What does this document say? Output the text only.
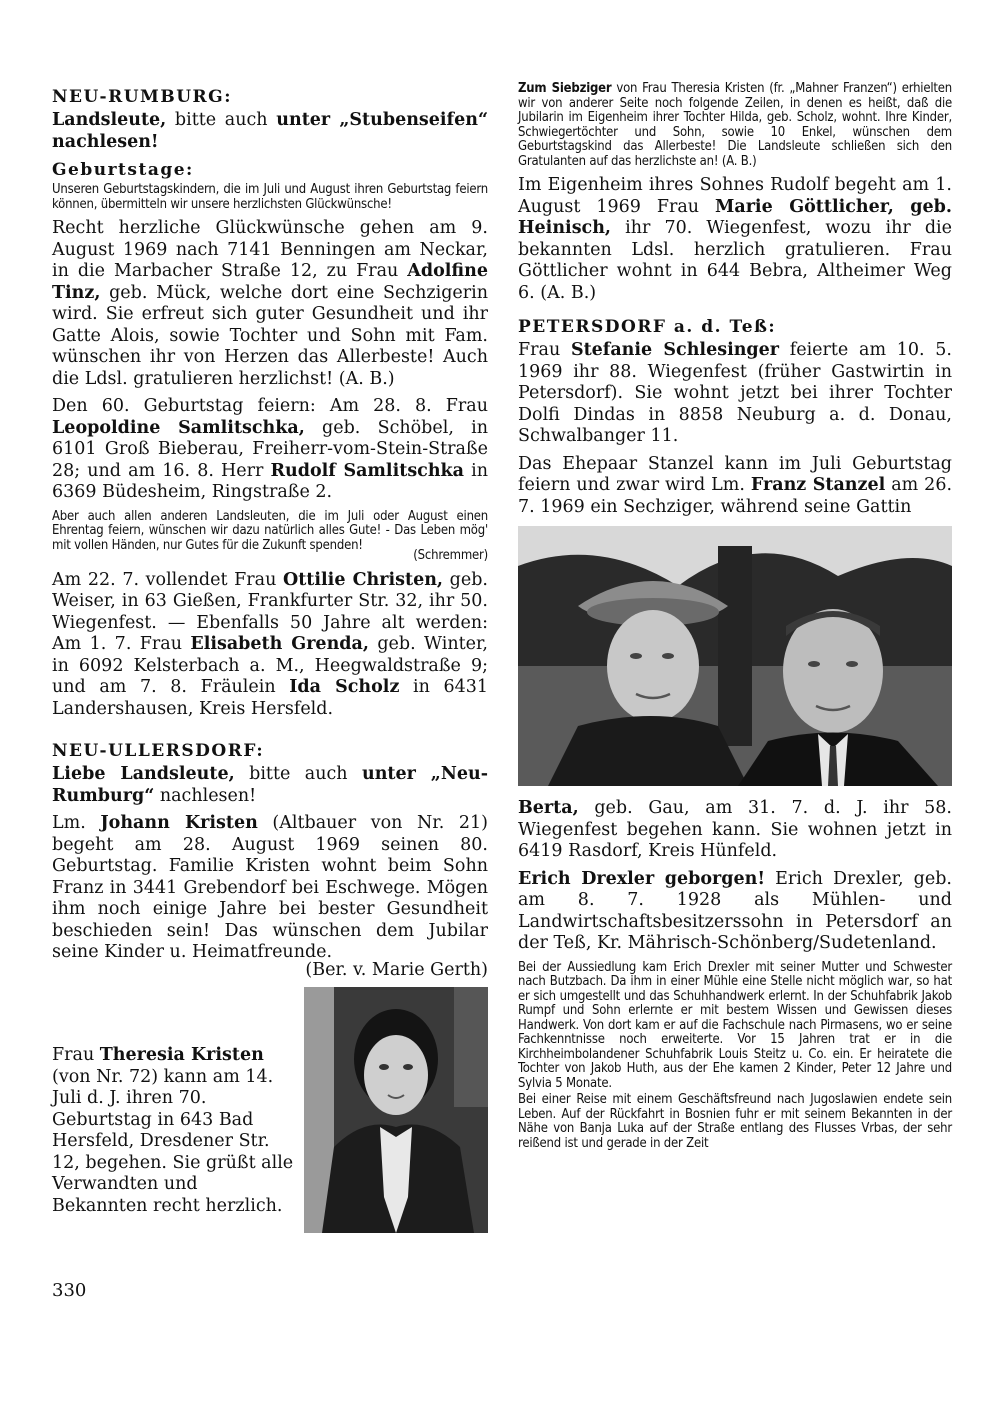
NEU-RUMBURG:

Landsleute, bitte auch unter „Stubenseifen“ nachlesen!

Geburtstage:

Unseren Geburtstagskindern, die im Juli und August ihren Geburtstag feiern können, übermitteln wir unsere herzlichsten Glückwünsche!

Recht herzliche Glückwünsche gehen am 9. August 1969 nach 7141 Benningen am Neckar, in die Marbacher Straße 12, zu Frau Adolfine Tinz, geb. Mück, welche dort eine Sechzigerin wird. Sie erfreut sich guter Gesundheit und ihr Gatte Alois, sowie Tochter und Sohn mit Fam. wünschen ihr von Herzen das Allerbeste! Auch die Ldsl. gratulieren herzlichst! (A. B.)

Den 60. Geburtstag feiern: Am 28. 8. Frau Leopoldine Samlitschka, geb. Schöbel, in 6101 Groß Bieberau, Freiherr-vom-Stein-Straße 28; und am 16. 8. Herr Rudolf Samlitschka in 6369 Büdesheim, Ringstraße 2.

Aber auch allen anderen Landsleuten, die im Juli oder August einen Ehrentag feiern, wünschen wir dazu natürlich alles Gute! - Das Leben mög' mit vollen Händen, nur Gutes für die Zukunft spenden!

(Schremmer)

Am 22. 7. vollendet Frau Ottilie Christen, geb. Weiser, in 63 Gießen, Frankfurter Str. 32, ihr 50. Wiegenfest. — Ebenfalls 50 Jahre alt werden: Am 1. 7. Frau Elisabeth Grenda, geb. Winter, in 6092 Kelsterbach a. M., Heegwaldstraße 9; und am 7. 8. Fräulein Ida Scholz in 6431 Landershausen, Kreis Hersfeld.

NEU-ULLERSDORF:

Liebe Landsleute, bitte auch unter „Neu-Rumburg“ nachlesen!

Lm. Johann Kristen (Altbauer von Nr. 21) begeht am 28. August 1969 seinen 80. Geburtstag. Familie Kristen wohnt beim Sohn Franz in 3441 Grebendorf bei Eschwege. Mögen ihm noch einige Jahre bei bester Gesundheit beschieden sein! Das wünschen dem Jubilar seine Kinder u. Heimatfreunde.

(Ber. v. Marie Gerth)

Frau Theresia Kristen (von Nr. 72) kann am 14. Juli d. J. ihren 70. Geburtstag in 643 Bad Hersfeld, Dresdener Str. 12, begehen. Sie grüßt alle Verwandten und Bekannten recht herzlich.

Zum Siebziger von Frau Theresia Kristen (fr. „Mahner Franzen“) erhielten wir von anderer Seite noch folgende Zeilen, in denen es heißt, daß die Jubilarin im Eigenheim ihrer Tochter Hilda, geb. Scholz, wohnt. Ihre Kinder, Schwiegertöchter und Sohn, sowie 10 Enkel, wünschen dem Geburtstagskind das Allerbeste! Die Landsleute schließen sich den Gratulanten auf das herzlichste an! (A. B.)

Im Eigenheim ihres Sohnes Rudolf begeht am 1. August 1969 Frau Marie Göttlicher, geb. Heinisch, ihr 70. Wiegenfest, wozu ihr die bekannten Ldsl. herzlich gratulieren. Frau Göttlicher wohnt in 644 Bebra, Altheimer Weg 6. (A. B.)

PETERSDORF a. d. Teß:

Frau Stefanie Schlesinger feierte am 10. 5. 1969 ihr 88. Wiegenfest (früher Gastwirtin in Petersdorf). Sie wohnt jetzt bei ihrer Tochter Dolfi Dindas in 8858 Neuburg a. d. Donau, Schwalbanger 11.

Das Ehepaar Stanzel kann im Juli Geburtstag feiern und zwar wird Lm. Franz Stanzel am 26. 7. 1969 ein Sechziger, während seine Gattin

Berta, geb. Gau, am 31. 7. d. J. ihr 58. Wiegenfest begehen kann. Sie wohnen jetzt in 6419 Rasdorf, Kreis Hünfeld.

Erich Drexler geborgen! Erich Drexler, geb. am 8. 7. 1928 als Mühlen- und Landwirtschaftsbesitzerssohn in Petersdorf an der Teß, Kr. Mährisch-Schönberg/Sudetenland.

Bei der Aussiedlung kam Erich Drexler mit seiner Mutter und Schwester nach Butzbach. Da ihm in einer Mühle eine Stelle nicht möglich war, so hat er sich umgestellt und das Schuhhandwerk erlernt. In der Schuhfabrik Jakob Rumpf und Sohn erlernte er mit bestem Wissen und Gewissen dieses Handwerk. Von dort kam er auf die Fachschule nach Pirmasens, wo er seine Fachkenntnisse noch erweiterte. Vor 15 Jahren trat er in die Kirchheimbolandener Schuhfabrik Louis Steitz u. Co. ein. Er heiratete die Tochter von Jakob Huth, aus der Ehe kamen 2 Kinder, Peter 12 Jahre und Sylvia 5 Monate.

Bei einer Reise mit einem Geschäftsfreund nach Jugoslawien endete sein Leben. Auf der Rückfahrt in Bosnien fuhr er mit seinem Bekannten in der Nähe von Banja Luka auf der Straße entlang des Flusses Vrbas, der sehr reißend ist und gerade in der Zeit

330
